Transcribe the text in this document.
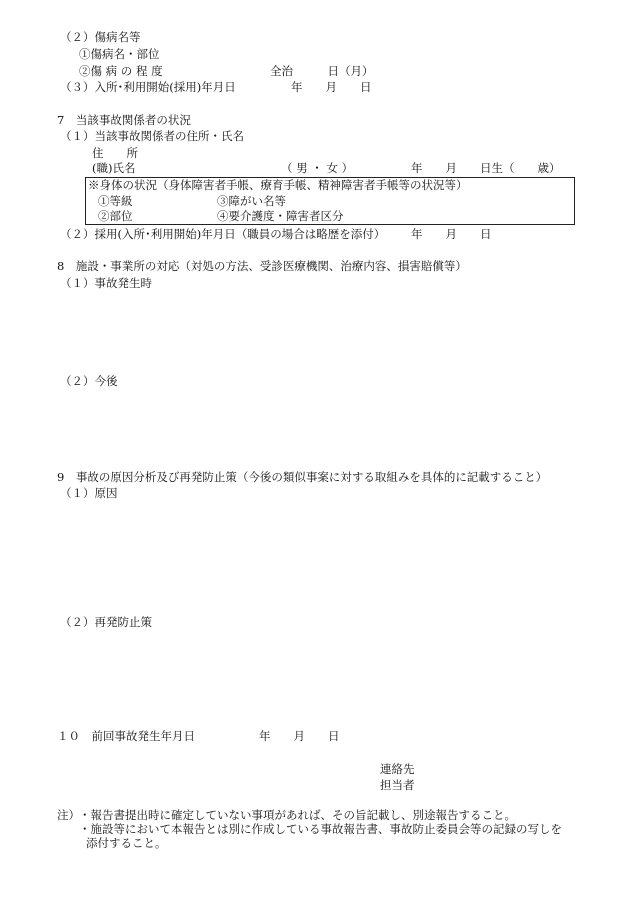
（２）傷病名等
①傷病名・部位
②傷 病 の 程 度	全治　　　日（月）
（３）入所･利用開始(採用)年月日	年　　月　　日
7　当該事故関係者の状況
（１）当該事故関係者の住所・氏名
住　　所
(職)氏名	（ 男 ・ 女 ）	年　　月　　日生（　　歳）
※身体の状況（身体障害者手帳、療育手帳、精神障害者手帳等の状況等）
①等級	③障がい名等
②部位	④要介護度・障害者区分
（２）採用(入所･利用開始)年月日（職員の場合は略歴を添付） 年　　月　　日
8　施設・事業所の対応（対処の方法、受診医療機関、治療内容、損害賠償等）
（１）事故発生時
（２）今後
9　事故の原因分析及び再発防止策（今後の類似事案に対する取組みを具体的に記載すること）
（１）原因
（２）再発防止策
１０　前回事故発生年月日	年　　月　　日
連絡先
担当者
注） ・報告書提出時に確定していない事項があれば、その旨記載し、別途報告すること。
・施設等において本報告とは別に作成している事故報告書、事故防止委員会等の記録の写しを
添付すること。
